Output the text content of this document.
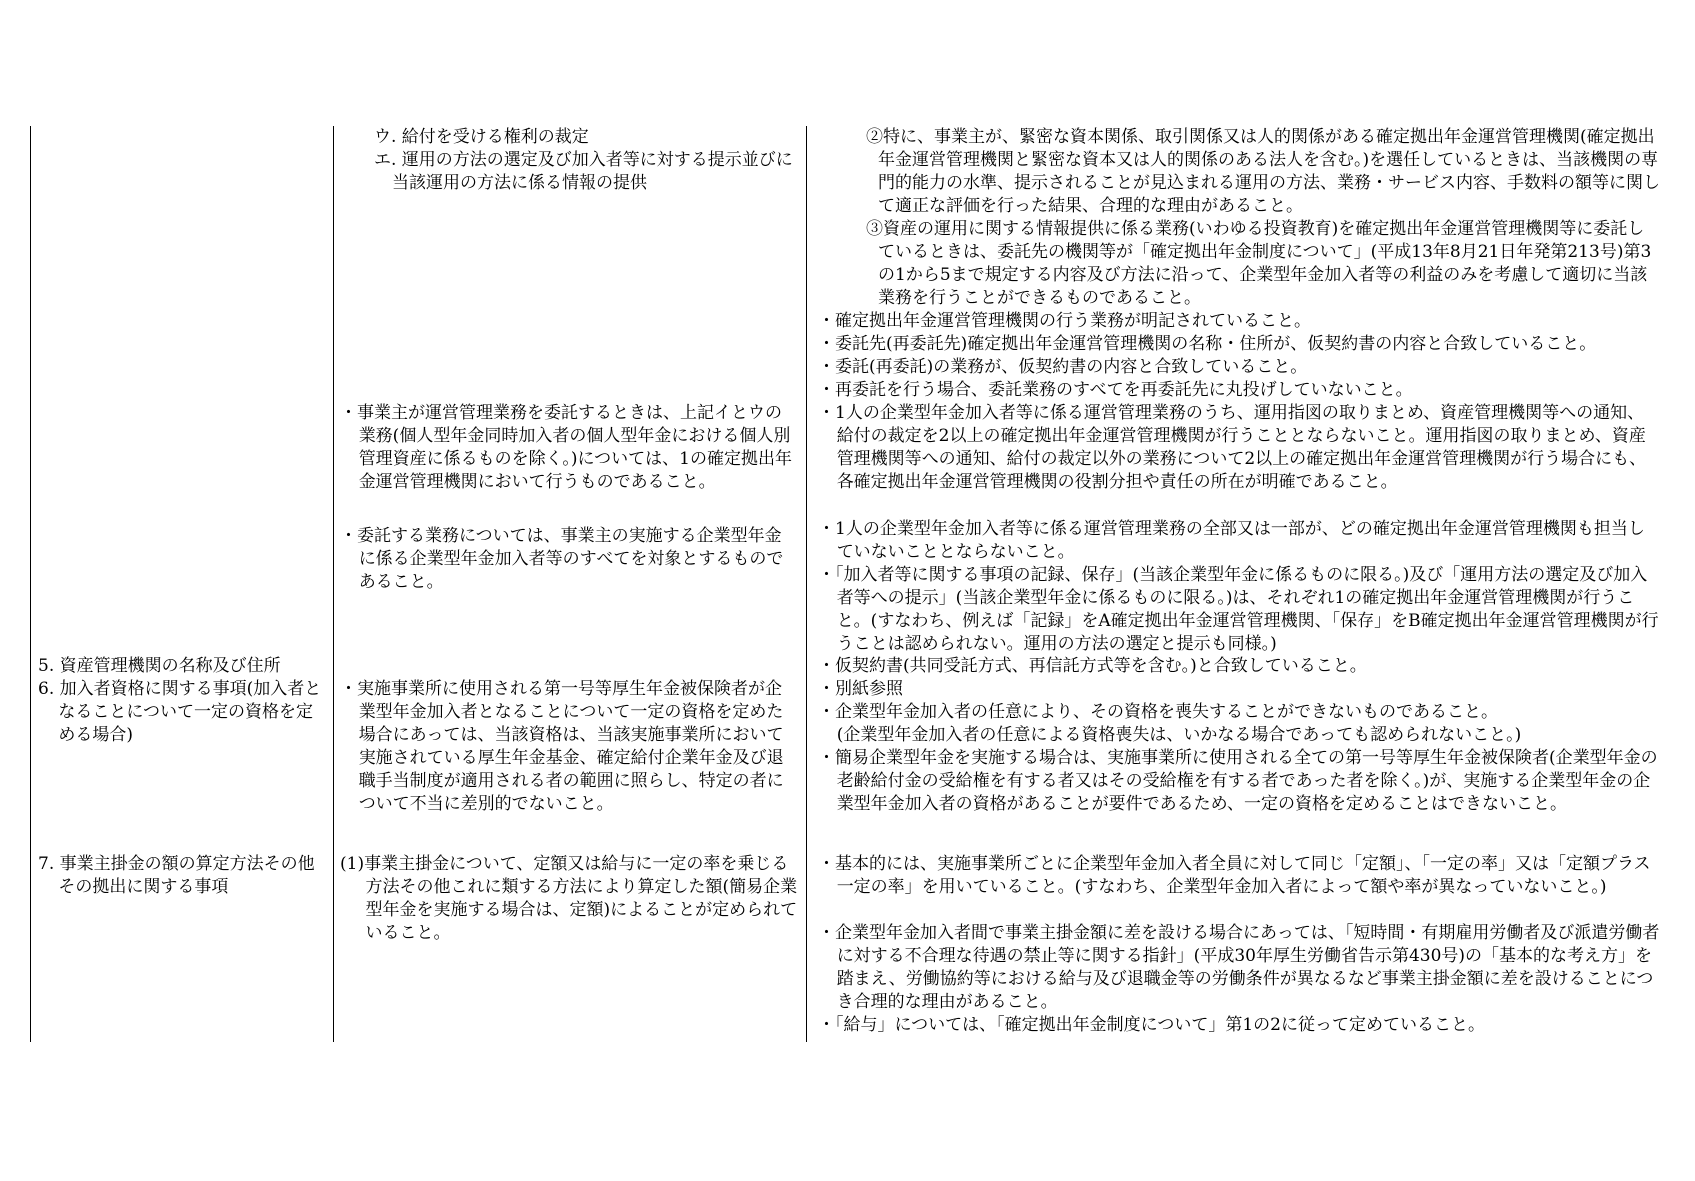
5. 資産管理機関の名称及び住所
6. 加入者資格に関する事項(加入者となることについて一定の資格を定める場合)
7. 事業主掛金の額の算定方法その他その拠出に関する事項
ウ. 給付を受ける権利の裁定
エ. 運用の方法の選定及び加入者等に対する提示並びに当該運用の方法に係る情報の提供
・事業主が運営管理業務を委託するときは、上記イとウの業務(個人型年金同時加入者の個人型年金における個人別管理資産に係るものを除く。)については、1の確定拠出年金運営管理機関において行うものであること。
・委託する業務については、事業主の実施する企業型年金に係る企業型年金加入者等のすべてを対象とするものであること。
・実施事業所に使用される第一号等厚生年金被保険者が企業型年金加入者となることについて一定の資格を定めた場合にあっては、当該資格は、当該実施事業所において実施されている厚生年金基金、確定給付企業年金及び退職手当制度が適用される者の範囲に照らし、特定の者について不当に差別的でないこと。
(1)事業主掛金について、定額又は給与に一定の率を乗じる方法その他これに類する方法により算定した額(簡易企業型年金を実施する場合は、定額)によることが定められていること。
②特に、事業主が、緊密な資本関係、取引関係又は人的関係がある確定拠出年金運営管理機関(確定拠出年金運営管理機関と緊密な資本又は人的関係のある法人を含む。)を選任しているときは、当該機関の専門的能力の水準、提示されることが見込まれる運用の方法、業務・サービス内容、手数料の額等に関して適正な評価を行った結果、合理的な理由があること。
③資産の運用に関する情報提供に係る業務(いわゆる投資教育)を確定拠出年金運営管理機関等に委託しているときは、委託先の機関等が「確定拠出年金制度について」(平成13年8月21日年発第213号)第3の1から5まで規定する内容及び方法に沿って、企業型年金加入者等の利益のみを考慮して適切に当該業務を行うことができるものであること。
・確定拠出年金運営管理機関の行う業務が明記されていること。
・委託先(再委託先)確定拠出年金運営管理機関の名称・住所が、仮契約書の内容と合致していること。
・委託(再委託)の業務が、仮契約書の内容と合致していること。
・再委託を行う場合、委託業務のすべてを再委託先に丸投げしていないこと。
・1人の企業型年金加入者等に係る運営管理業務のうち、運用指図の取りまとめ、資産管理機関等への通知、給付の裁定を2以上の確定拠出年金運営管理機関が行うこととならないこと。運用指図の取りまとめ、資産管理機関等への通知、給付の裁定以外の業務について2以上の確定拠出年金運営管理機関が行う場合にも、各確定拠出年金運営管理機関の役割分担や責任の所在が明確であること。
・1人の企業型年金加入者等に係る運営管理業務の全部又は一部が、どの確定拠出年金運営管理機関も担当していないこととならないこと。
・「加入者等に関する事項の記録、保存」(当該企業型年金に係るものに限る。)及び「運用方法の選定及び加入者等への提示」(当該企業型年金に係るものに限る。)は、それぞれ1の確定拠出年金運営管理機関が行うこと。(すなわち、例えば「記録」をA確定拠出年金運営管理機関、「保存」をB確定拠出年金運営管理機関が行うことは認められない。運用の方法の選定と提示も同様。)
・仮契約書(共同受託方式、再信託方式等を含む。)と合致していること。
・別紙参照
・企業型年金加入者の任意により、その資格を喪失することができないものであること。
(企業型年金加入者の任意による資格喪失は、いかなる場合であっても認められないこと。)
・簡易企業型年金を実施する場合は、実施事業所に使用される全ての第一号等厚生年金被保険者(企業型年金の老齢給付金の受給権を有する者又はその受給権を有する者であった者を除く。)が、実施する企業型年金の企業型年金加入者の資格があることが要件であるため、一定の資格を定めることはできないこと。
・基本的には、実施事業所ごとに企業型年金加入者全員に対して同じ「定額」、「一定の率」又は「定額プラス一定の率」を用いていること。(すなわち、企業型年金加入者によって額や率が異なっていないこと。)
・企業型年金加入者間で事業主掛金額に差を設ける場合にあっては、「短時間・有期雇用労働者及び派遣労働者に対する不合理な待遇の禁止等に関する指針」(平成30年厚生労働省告示第430号)の「基本的な考え方」を踏まえ、労働協約等における給与及び退職金等の労働条件が異なるなど事業主掛金額に差を設けることにつき合理的な理由があること。
・「給与」については、「確定拠出年金制度について」第1の2に従って定めていること。
